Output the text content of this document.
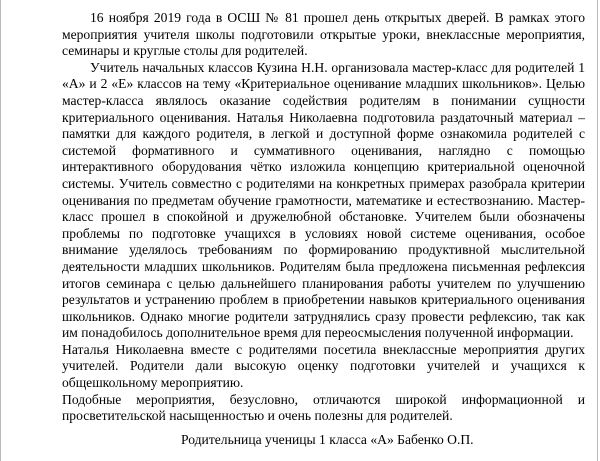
16 ноября 2019 года в ОСШ № 81 прошел день открытых дверей. В рамках этого мероприятия учителя школы подготовили открытые уроки, внеклассные мероприятия, семинары и круглые столы для родителей.

Учитель начальных классов Кузина Н.Н. организовала мастер-класс для родителей 1 «А» и 2 «Е» классов на тему «Критериальное оценивание младших школьников». Целью мастер-класса являлось оказание содействия родителям в понимании сущности критериального оценивания. Наталья Николаевна подготовила раздаточный материал – памятки для каждого родителя, в легкой и доступной форме ознакомила родителей с системой формативного и суммативного оценивания, наглядно с помощью интерактивного оборудования чётко изложила концепцию критериальной оценочной системы. Учитель совместно с родителями на конкретных примерах разобрала критерии оценивания по предметам обучение грамотности, математике и естествознанию. Мастер-класс прошел в спокойной и дружелюбной обстановке. Учителем были обозначены проблемы по подготовке учащихся в условиях новой системе оценивания, особое внимание уделялось требованиям по формированию продуктивной мыслительной деятельности младших школьников. Родителям была предложена письменная рефлексия итогов семинара с целью дальнейшего планирования работы учителем по улучшению результатов и устранению проблем в приобретении навыков критериального оценивания школьников. Однако многие родители затруднялись сразу провести рефлексию, так как им понадобилось дополнительное время для переосмысления полученной информации.

Наталья Николаевна вместе с родителями посетила внеклассные мероприятия других учителей. Родители дали высокую оценку подготовки учителей и учащихся к общешкольному мероприятию.

Подобные мероприятия, безусловно, отличаются широкой информационной и просветительской насыщенностью и очень полезны для родителей.

Родительница ученицы 1 класса «А» Бабенко О.П.
